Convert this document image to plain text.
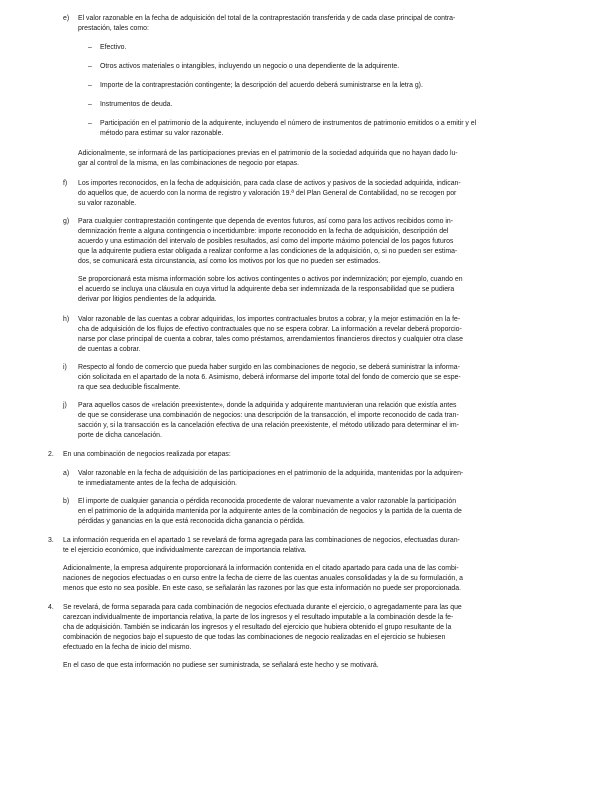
e)
–
–
–
–
–
f)
g)
h)
i)
j)
2.
a)
b)
3.
4.
El valor razonable en la fecha de adquisición del total de la contraprestación transferida y de cada clase principal de contra-
prestación, tales como:
Efectivo.
Otros activos materiales o intangibles, incluyendo un negocio o una dependiente de la adquirente.
Importe de la contraprestación contingente; la descripción del acuerdo deberá suministrarse en la letra g).
Instrumentos de deuda.
Participación en el patrimonio de la adquirente, incluyendo el número de instrumentos de patrimonio emitidos o a emitir y el
método para estimar su valor razonable.
Adicionalmente, se informará de las participaciones previas en el patrimonio de la sociedad adquirida que no hayan dado lu-
gar al control de la misma, en las combinaciones de negocio por etapas.
Los importes reconocidos, en la fecha de adquisición, para cada clase de activos y pasivos de la sociedad adquirida, indican-
do aquellos que, de acuerdo con la norma de registro y valoración 19.ª del Plan General de Contabilidad, no se recogen por
su valor razonable.
Para cualquier contraprestación contingente que dependa de eventos futuros, así como para los activos recibidos como in-
demnización frente a alguna contingencia o incertidumbre: importe reconocido en la fecha de adquisición, descripción del
acuerdo y una estimación del intervalo de posibles resultados, así como del importe máximo potencial de los pagos futuros
que la adquirente pudiera estar obligada a realizar conforme a las condiciones de la adquisición, o, si no pueden ser estima-
dos, se comunicará esta circunstancia, así como los motivos por los que no pueden ser estimados.
Se proporcionará esta misma información sobre los activos contingentes o activos por indemnización; por ejemplo, cuando en
el acuerdo se incluya una cláusula en cuya virtud la adquirente deba ser indemnizada de la responsabilidad que se pudiera
derivar por litigios pendientes de la adquirida.
Valor razonable de las cuentas a cobrar adquiridas, los importes contractuales brutos a cobrar, y la mejor estimación en la fe-
cha de adquisición de los flujos de efectivo contractuales que no se espera cobrar. La información a revelar deberá proporcio-
narse por clase principal de cuenta a cobrar, tales como préstamos, arrendamientos financieros directos y cualquier otra clase
de cuentas a cobrar.
Respecto al fondo de comercio que pueda haber surgido en las combinaciones de negocio, se deberá suministrar la informa-
ción solicitada en el apartado de la nota 6. Asimismo, deberá informarse del importe total del fondo de comercio que se espe-
ra que sea deducible fiscalmente.
Para aquellos casos de «relación preexistente», donde la adquirida y adquirente mantuvieran una relación que existía antes
de que se considerase una combinación de negocios: una descripción de la transacción, el importe reconocido de cada tran-
sacción y, si la transacción es la cancelación efectiva de una relación preexistente, el método utilizado para determinar el im-
porte de dicha cancelación.
En una combinación de negocios realizada por etapas:
Valor razonable en la fecha de adquisición de las participaciones en el patrimonio de la adquirida, mantenidas por la adquiren-
te inmediatamente antes de la fecha de adquisición.
El importe de cualquier ganancia o pérdida reconocida procedente de valorar nuevamente a valor razonable la participación
en el patrimonio de la adquirida mantenida por la adquirente antes de la combinación de negocios y la partida de la cuenta de
pérdidas y ganancias en la que está reconocida dicha ganancia o pérdida.
La información requerida en el apartado 1 se revelará de forma agregada para las combinaciones de negocios, efectuadas duran-
te el ejercicio económico, que individualmente carezcan de importancia relativa.
Adicionalmente, la empresa adquirente proporcionará la información contenida en el citado apartado para cada una de las combi-
naciones de negocios efectuadas o en curso entre la fecha de cierre de las cuentas anuales consolidadas y la de su formulación, a
menos que esto no sea posible. En este caso, se señalarán las razones por las que esta información no puede ser proporcionada.
Se revelará, de forma separada para cada combinación de negocios efectuada durante el ejercicio, o agregadamente para las que
carezcan individualmente de importancia relativa, la parte de los ingresos y el resultado imputable a la combinación desde la fe-
cha de adquisición. También se indicarán los ingresos y el resultado del ejercicio que hubiera obtenido el grupo resultante de la
combinación de negocios bajo el supuesto de que todas las combinaciones de negocio realizadas en el ejercicio se hubiesen
efectuado en la fecha de inicio del mismo.
En el caso de que esta información no pudiese ser suministrada, se señalará este hecho y se motivará.
